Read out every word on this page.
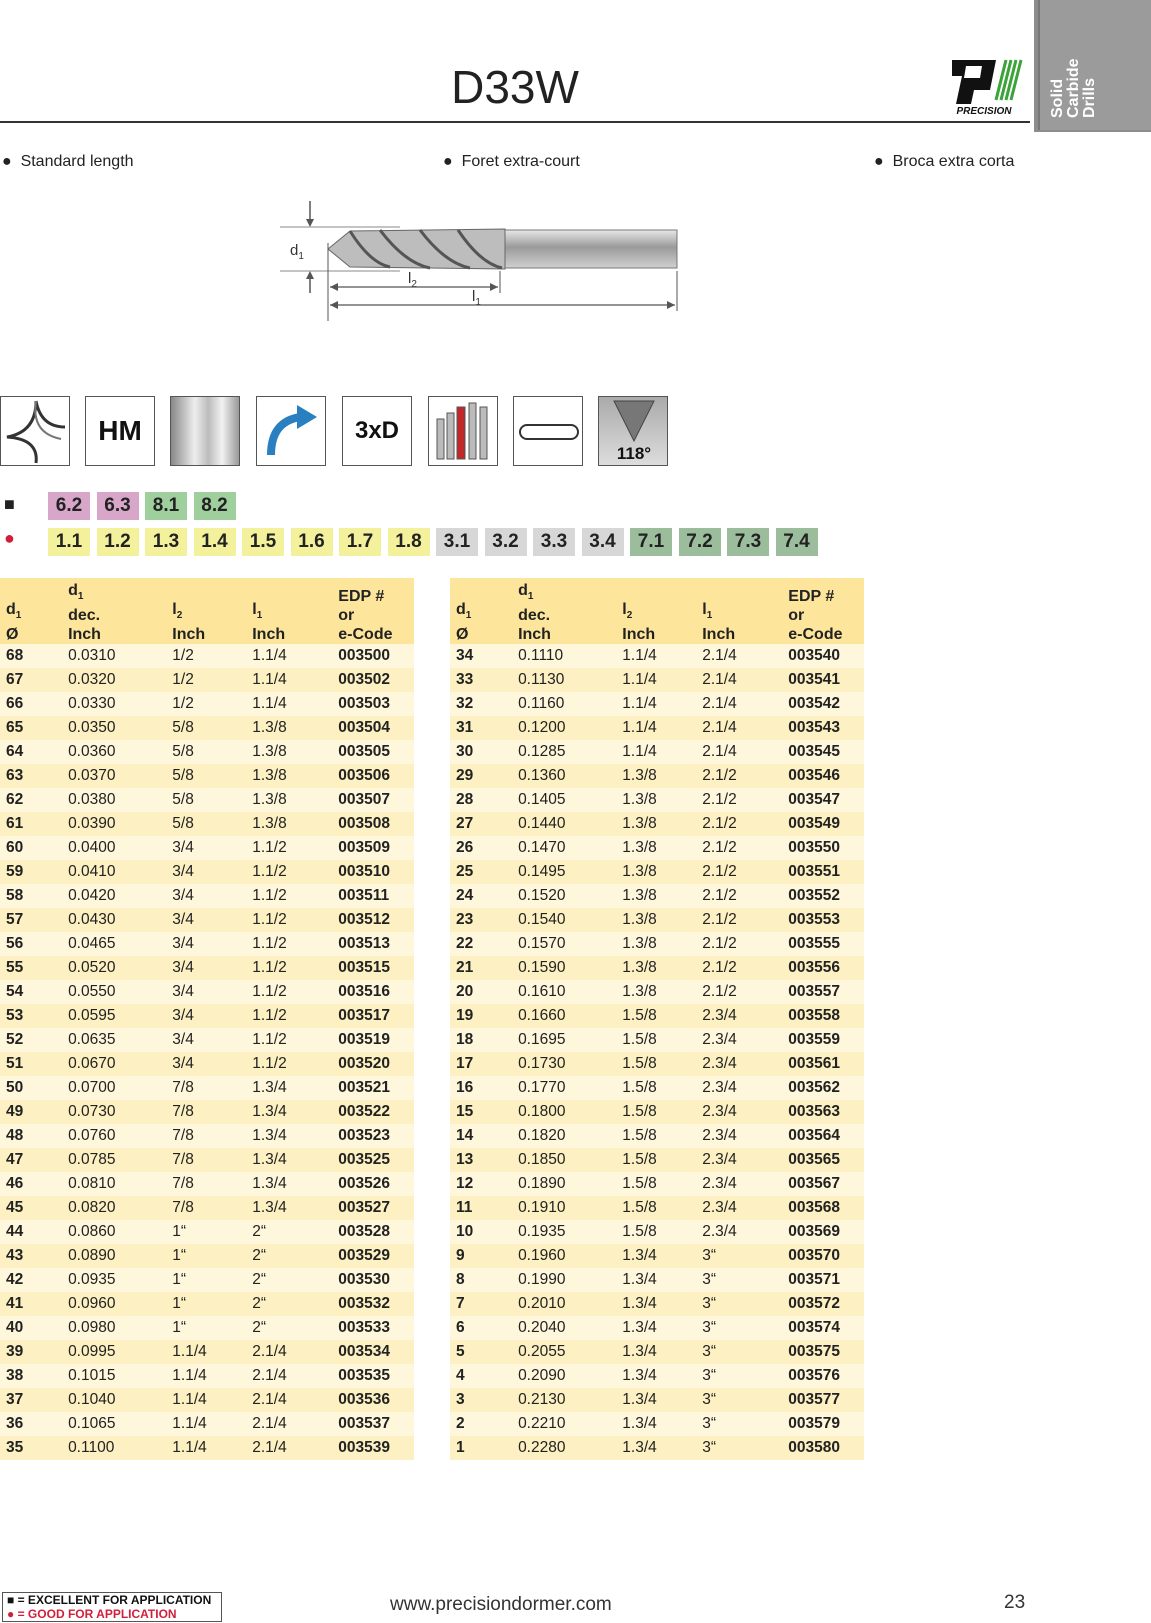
D33W	PRECISION Solid
Carbide
Drills
●  Standard length	●  Foret extra-court	●  Broca extra corta
$d_1$
$l_2$
$l_1$
HM	3xD
118°
■	6.2	6.3	8.1	8.2
●	1.1	1.2	1.3	1.4	1.5	1.6	1.7	1.8	3.1	3.2	3.3	3.4	7.1	7.2	7.3	7.4
$d_1$
Ø	$d_1$
dec.
Inch	$l_2$
Inch	$l_1$
Inch	EDP #
or
e-Code
68	0.0310	1/2	1.1/4	003500
67	0.0320	1/2	1.1/4	003502
66	0.0330	1/2	1.1/4	003503
65	0.0350	5/8	1.3/8	003504
64	0.0360	5/8	1.3/8	003505
63	0.0370	5/8	1.3/8	003506
62	0.0380	5/8	1.3/8	003507
61	0.0390	5/8	1.3/8	003508
60	0.0400	3/4	1.1/2	003509
59	0.0410	3/4	1.1/2	003510
58	0.0420	3/4	1.1/2	003511
57	0.0430	3/4	1.1/2	003512
56	0.0465	3/4	1.1/2	003513
55	0.0520	3/4	1.1/2	003515
54	0.0550	3/4	1.1/2	003516
53	0.0595	3/4	1.1/2	003517
52	0.0635	3/4	1.1/2	003519
51	0.0670	3/4	1.1/2	003520
50	0.0700	7/8	1.3/4	003521
49	0.0730	7/8	1.3/4	003522
48	0.0760	7/8	1.3/4	003523
47	0.0785	7/8	1.3/4	003525
46	0.0810	7/8	1.3/4	003526
45	0.0820	7/8	1.3/4	003527
44	0.0860	1“	2“	003528
43	0.0890	1“	2“	003529
42	0.0935	1“	2“	003530
41	0.0960	1“	2“	003532
40	0.0980	1“	2“	003533
39	0.0995	1.1/4	2.1/4	003534
38	0.1015	1.1/4	2.1/4	003535
37	0.1040	1.1/4	2.1/4	003536
36	0.1065	1.1/4	2.1/4	003537
35	0.1100	1.1/4	2.1/4	003539
$d_1$
Ø	$d_1$
dec.
Inch	$l_2$
Inch	$l_1$
Inch	EDP #
or
e-Code
34	0.1110	1.1/4	2.1/4	003540
33	0.1130	1.1/4	2.1/4	003541
32	0.1160	1.1/4	2.1/4	003542
31	0.1200	1.1/4	2.1/4	003543
30	0.1285	1.1/4	2.1/4	003545
29	0.1360	1.3/8	2.1/2	003546
28	0.1405	1.3/8	2.1/2	003547
27	0.1440	1.3/8	2.1/2	003549
26	0.1470	1.3/8	2.1/2	003550
25	0.1495	1.3/8	2.1/2	003551
24	0.1520	1.3/8	2.1/2	003552
23	0.1540	1.3/8	2.1/2	003553
22	0.1570	1.3/8	2.1/2	003555
21	0.1590	1.3/8	2.1/2	003556
20	0.1610	1.3/8	2.1/2	003557
19	0.1660	1.5/8	2.3/4	003558
18	0.1695	1.5/8	2.3/4	003559
17	0.1730	1.5/8	2.3/4	003561
16	0.1770	1.5/8	2.3/4	003562
15	0.1800	1.5/8	2.3/4	003563
14	0.1820	1.5/8	2.3/4	003564
13	0.1850	1.5/8	2.3/4	003565
12	0.1890	1.5/8	2.3/4	003567
11	0.1910	1.5/8	2.3/4	003568
10	0.1935	1.5/8	2.3/4	003569
9	0.1960	1.3/4	3“	003570
8	0.1990	1.3/4	3“	003571
7	0.2010	1.3/4	3“	003572
6	0.2040	1.3/4	3“	003574
5	0.2055	1.3/4	3“	003575
4	0.2090	1.3/4	3“	003576
3	0.2130	1.3/4	3“	003577
2	0.2210	1.3/4	3“	003579
1	0.2280	1.3/4	3“	003580
■ = EXCELLENT FOR APPLICATION
● = GOOD FOR APPLICATION	www.precisiondormer.com	23
